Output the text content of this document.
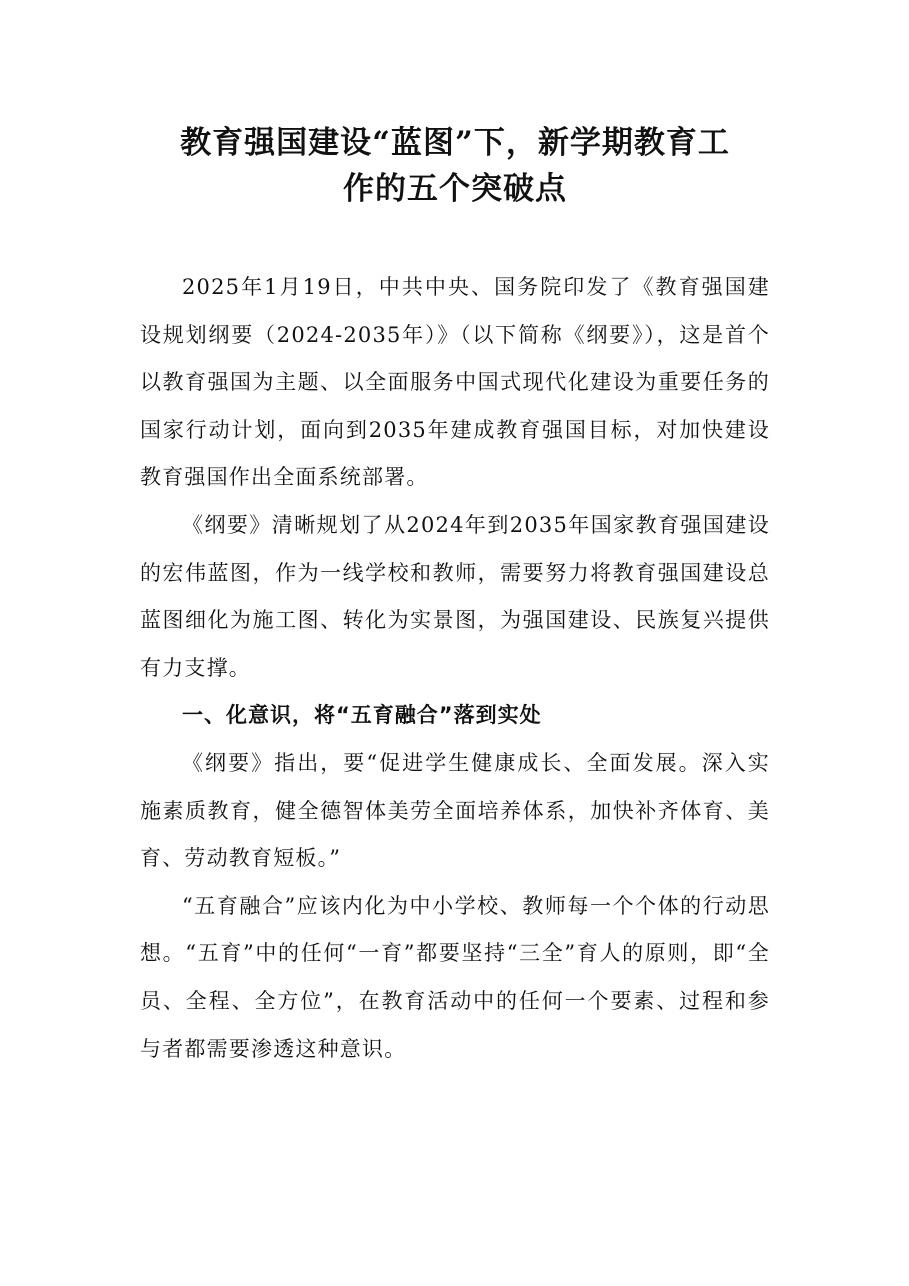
教育强国建设“蓝图”下，新学期教育工
作的五个突破点

2025年1月19日，中共中央、国务院印发了《教育强国建设规划纲要（2024-2035年）》（以下简称《纲要》），这是首个以教育强国为主题、以全面服务中国式现代化建设为重要任务的国家行动计划，面向到2035年建成教育强国目标，对加快建设教育强国作出全面系统部署。

《纲要》清晰规划了从2024年到2035年国家教育强国建设的宏伟蓝图，作为一线学校和教师，需要努力将教育强国建设总蓝图细化为施工图、转化为实景图，为强国建设、民族复兴提供有力支撑。

一、化意识，将“五育融合”落到实处

《纲要》指出，要“促进学生健康成长、全面发展。深入实施素质教育，健全德智体美劳全面培养体系，加快补齐体育、美育、劳动教育短板。”

“五育融合”应该内化为中小学校、教师每一个个体的行动思想。“五育”中的任何“一育”都要坚持“三全”育人的原则，即“全员、全程、全方位”，在教育活动中的任何一个要素、过程和参与者都需要渗透这种意识。
